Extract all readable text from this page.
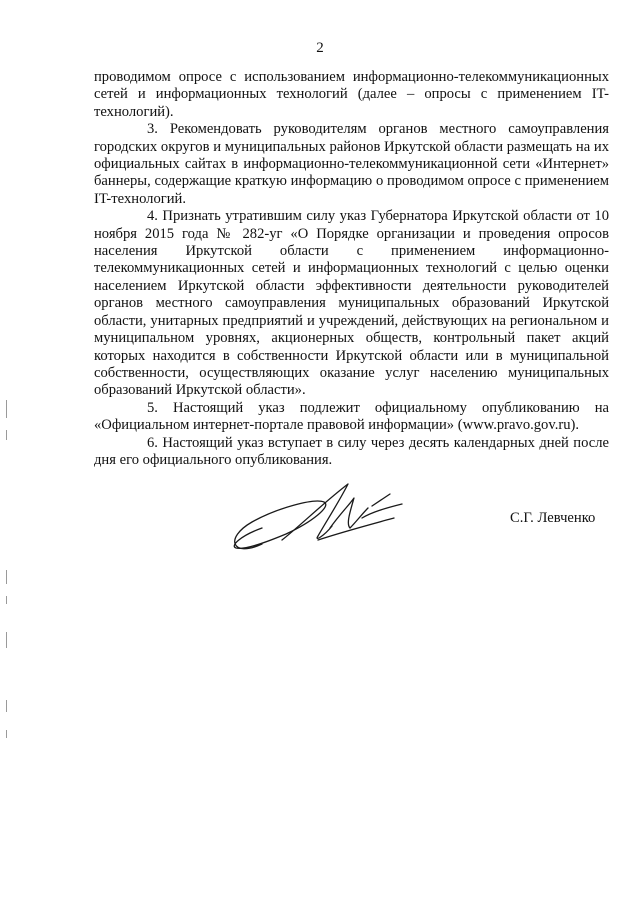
2

проводимом опросе с использованием информационно-телекоммуникационных сетей и информационных технологий (далее – опросы с применением IT-технологий).

3. Рекомендовать руководителям органов местного самоуправления городских округов и муниципальных районов Иркутской области размещать на их официальных сайтах в информационно-телекоммуникационной сети «Интернет» баннеры, содержащие краткую информацию о проводимом опросе с применением IT-технологий.

4. Признать утратившим силу указ Губернатора Иркутской области от 10 ноября 2015 года № 282-уг «О Порядке организации и проведения опросов населения Иркутской области с применением информационно-телекоммуникационных сетей и информационных технологий с целью оценки населением Иркутской области эффективности деятельности руководителей органов местного самоуправления муниципальных образований Иркутской области, унитарных предприятий и учреждений, действующих на региональном и муниципальном уровнях, акционерных обществ, контрольный пакет акций которых находится в собственности Иркутской области или в муниципальной собственности, осуществляющих оказание услуг населению муниципальных образований Иркутской области».

5. Настоящий указ подлежит официальному опубликованию на «Официальном интернет-портале правовой информации» (www.pravo.gov.ru).

6. Настоящий указ вступает в силу через десять календарных дней после дня его официального опубликования.

С.Г. Левченко
